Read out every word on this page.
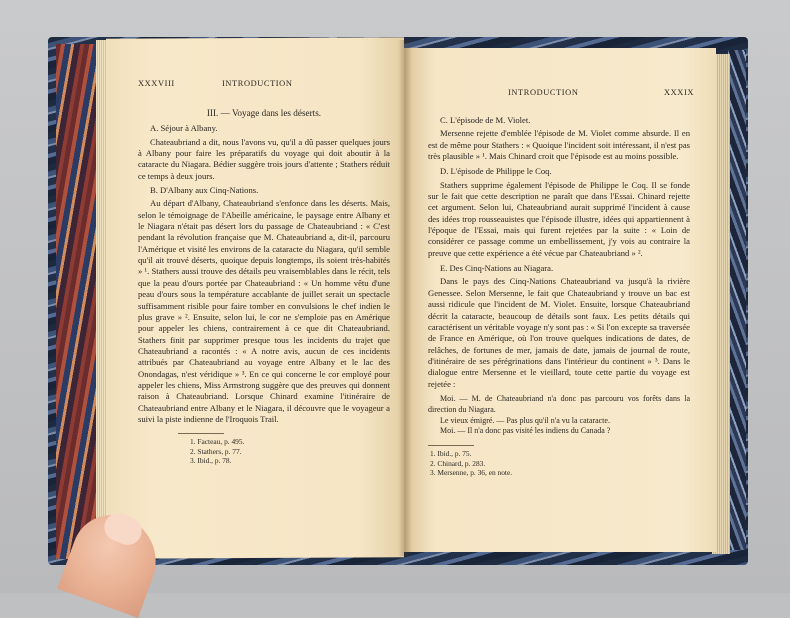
XXXVIII	INTRODUCTION

III. — Voyage dans les déserts.

A. Séjour à Albany.

Chateaubriand a dit, nous l'avons vu, qu'il a dû passer quelques jours à Albany pour faire les préparatifs du voyage qui doit aboutir à la cataracte du Niagara. Bédier suggère trois jours d'attente ; Stathers réduit ce temps à deux jours.

B. D'Albany aux Cinq-Nations.

Au départ d'Albany, Chateaubriand s'enfonce dans les déserts. Mais, selon le témoignage de l'Abeille américaine, le paysage entre Albany et le Niagara n'était pas désert lors du passage de Chateaubriand : « C'est pendant la révolution française que M. Chateaubriand a, dit-il, parcouru l'Amérique et visité les environs de la cataracte du Niagara, qu'il semble qu'il ait trouvé déserts, quoique depuis longtemps, ils soient très-habités » ¹. Stathers aussi trouve des détails peu vraisemblables dans le récit, tels que la peau d'ours portée par Chateaubriand : « Un homme vêtu d'une peau d'ours sous la température accablante de juillet serait un spectacle suffisamment risible pour faire tomber en convulsions le chef indien le plus grave » ². Ensuite, selon lui, le cor ne s'emploie pas en Amérique pour appeler les chiens, contrairement à ce que dit Chateaubriand. Stathers finit par supprimer presque tous les incidents du trajet que Chateaubriand a racontés : « A notre avis, aucun de ces incidents attribués par Chateaubriand au voyage entre Albany et le lac des Onondagas, n'est véridique » ³. En ce qui concerne le cor employé pour appeler les chiens, Miss Armstrong suggère que des preuves qui donnent raison à Chateaubriand. Lorsque Chinard examine l'itinéraire de Chateaubriand entre Albany et le Niagara, il découvre que le voyageur a suivi la piste indienne de l'Iroquois Trail.

1. Facteau, p. 495.
2. Stathers, p. 77.
3. Ibid., p. 78.
INTRODUCTION	XXXIX

C. L'épisode de M. Violet.

Mersenne rejette d'emblée l'épisode de M. Violet comme absurde. Il en est de même pour Stathers : « Quoique l'incident soit intéressant, il n'est pas très plausible » ¹. Mais Chinard croit que l'épisode est au moins possible.

D. L'épisode de Philippe le Coq.

Stathers supprime également l'épisode de Philippe le Coq. Il se fonde sur le fait que cette description ne paraît que dans l'Essai. Chinard rejette cet argument. Selon lui, Chateaubriand aurait supprimé l'incident à cause des idées trop rousseauistes que l'épisode illustre, idées qui appartiennent à l'époque de l'Essai, mais qui furent rejetées par la suite : « Loin de considérer ce passage comme un embellissement, j'y vois au contraire la preuve que cette expérience a été vécue par Chateaubriand » ².

E. Des Cinq-Nations au Niagara.

Dans le pays des Cinq-Nations Chateaubriand va jusqu'à la rivière Genessee. Selon Mersenne, le fait que Chateaubriand y trouve un bac est aussi ridicule que l'incident de M. Violet. Ensuite, lorsque Chateaubriand décrit la cataracte, beaucoup de détails sont faux. Les petits détails qui caractérisent un véritable voyage n'y sont pas : « Si l'on excepte sa traversée de France en Amérique, où l'on trouve quelques indications de dates, de relâches, de fortunes de mer, jamais de date, jamais de journal de route, d'itinéraire de ses pérégrinations dans l'intérieur du continent » ³. Dans le dialogue entre Mersenne et le vieillard, toute cette partie du voyage est rejetée :

Moi. — M. de Chateaubriand n'a donc pas parcouru vos forêts dans la direction du Niagara.

Le vieux émigré. — Pas plus qu'il n'a vu la cataracte.

Moi. — Il n'a donc pas visité les indiens du Canada ?

1. Ibid., p. 75.
2. Chinard, p. 283.
3. Mersenne, p. 36, en note.
